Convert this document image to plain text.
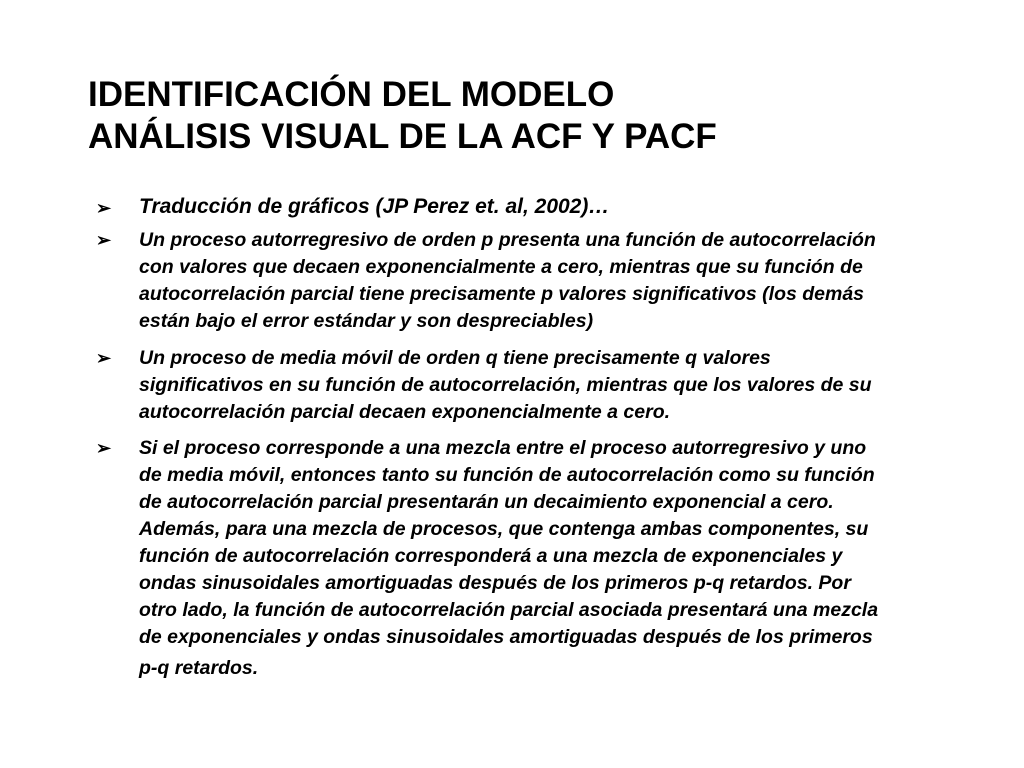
IDENTIFICACIÓN DEL MODELO
ANÁLISIS VISUAL DE LA ACF Y PACF
➢ Traducción de gráficos (JP Perez et. al, 2002)…
➢ Un proceso autorregresivo de orden p presenta una función de autocorrelación
con valores que decaen exponencialmente a cero, mientras que su función de
autocorrelación parcial tiene precisamente p valores significativos (los demás
están bajo el error estándar y son despreciables)
➢ Un proceso de media móvil de orden q tiene precisamente q valores
significativos en su función de autocorrelación, mientras que los valores de su
autocorrelación parcial decaen exponencialmente a cero.
➢ Si el proceso corresponde a una mezcla entre el proceso autorregresivo y uno
de media móvil, entonces tanto su función de autocorrelación como su función
de autocorrelación parcial presentarán un decaimiento exponencial a cero.
Además, para una mezcla de procesos, que contenga ambas componentes, su
función de autocorrelación corresponderá a una mezcla de exponenciales y
ondas sinusoidales amortiguadas después de los primeros p-q retardos. Por
otro lado, la función de autocorrelación parcial asociada presentará una mezcla
de exponenciales y ondas sinusoidales amortiguadas después de los primeros
p-q retardos.
